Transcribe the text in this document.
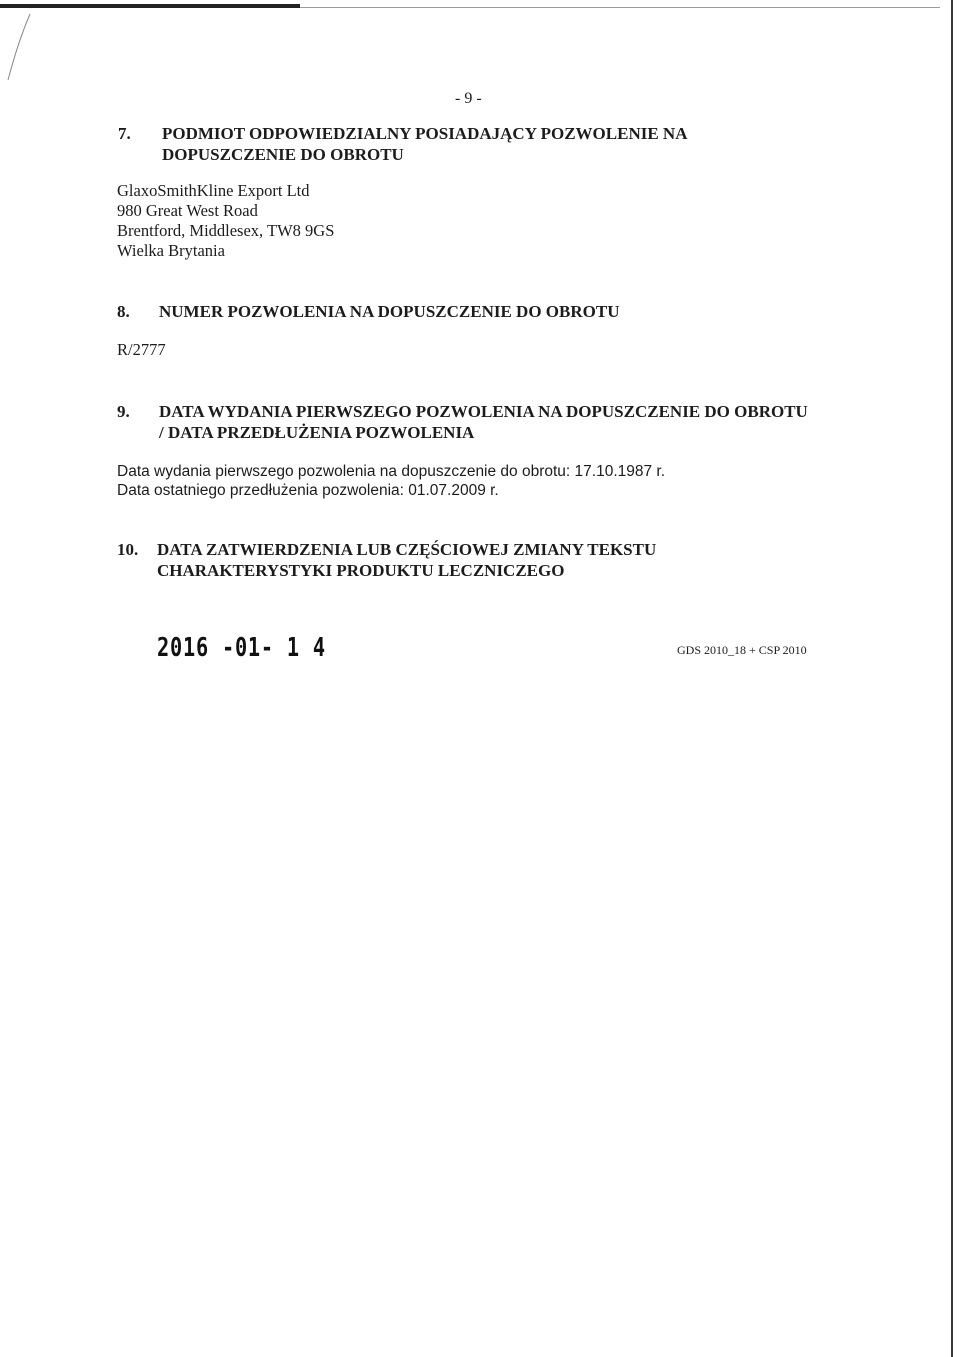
- 9 -
7. PODMIOT ODPOWIEDZIALNY POSIADAJĄCY POZWOLENIE NA
DOPUSZCZENIE DO OBROTU
GlaxoSmithKline Export Ltd
980 Great West Road
Brentford, Middlesex, TW8 9GS
Wielka Brytania
8. NUMER POZWOLENIA NA DOPUSZCZENIE DO OBROTU
R/2777
9. DATA WYDANIA PIERWSZEGO POZWOLENIA NA DOPUSZCZENIE DO OBROTU
/ DATA PRZEDŁUŻENIA POZWOLENIA
Data wydania pierwszego pozwolenia na dopuszczenie do obrotu: 17.10.1987 r.
Data ostatniego przedłużenia pozwolenia: 01.07.2009 r.
10. DATA ZATWIERDZENIA LUB CZĘŚCIOWEJ ZMIANY TEKSTU
CHARAKTERYSTYKI PRODUKTU LECZNICZEGO
2016 -01- 1 4	GDS 2010_18 + CSP 2010
